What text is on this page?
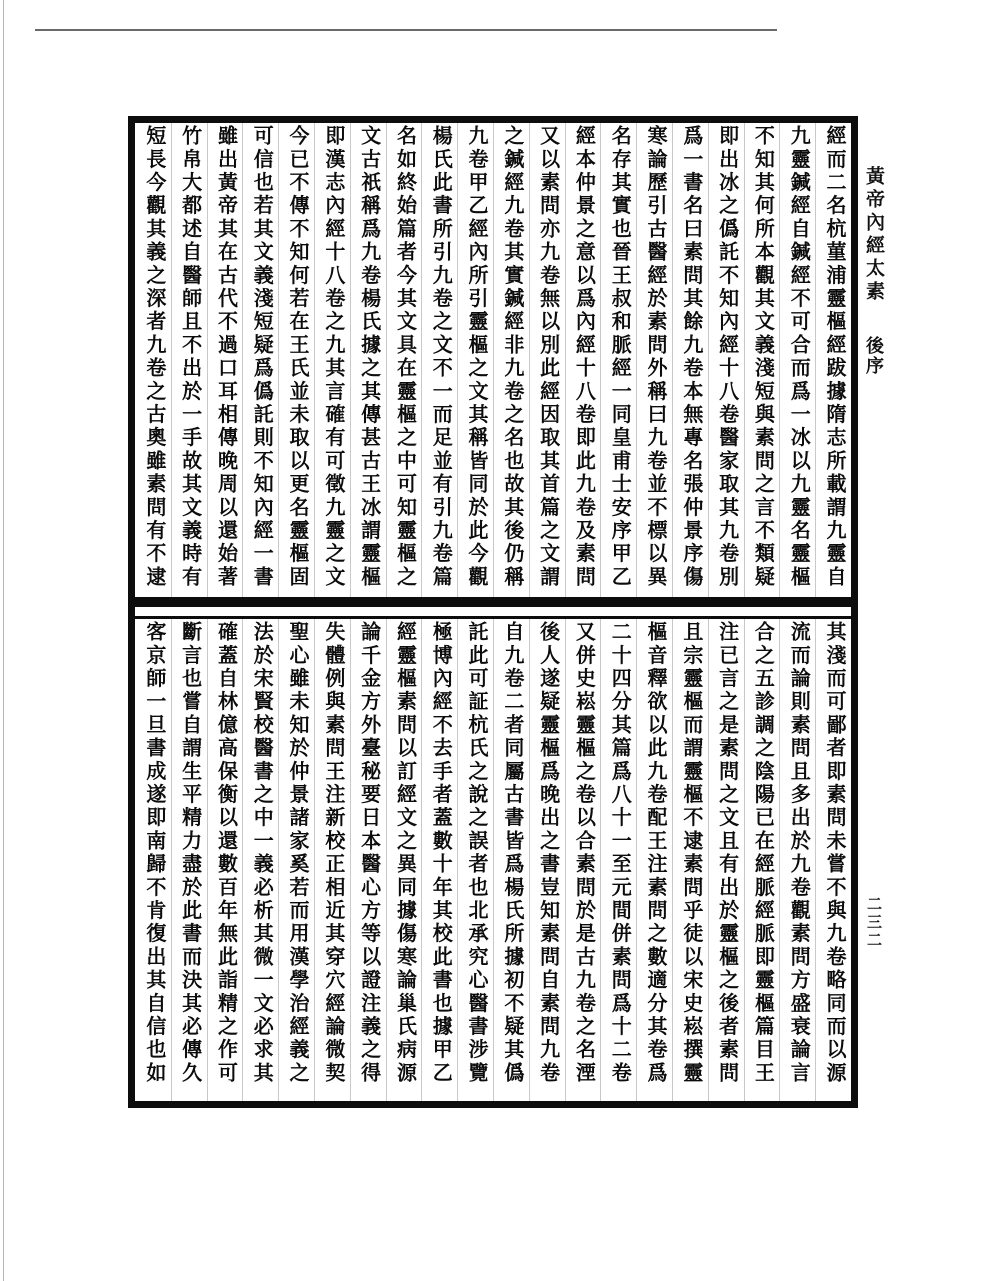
經而二名杭菫浦靈樞經跋據隋志所載謂九靈自
九靈鍼經自鍼經不可合而爲一冰以九靈名靈樞
不知其何所本觀其文義淺短與素問之言不類疑
即出冰之僞託不知內經十八卷醫家取其九卷別
爲一書名曰素問其餘九卷本無專名張仲景序傷
寒論歷引古醫經於素問外稱曰九卷並不標以異
名存其實也晉王叔和脈經一同皇甫士安序甲乙
經本仲景之意以爲內經十八卷即此九卷及素問
又以素問亦九卷無以別此經因取其首篇之文謂
之鍼經九卷其實鍼經非九卷之名也故其後仍稱
九卷甲乙經內所引靈樞之文其稱皆同於此今觀
楊氏此書所引九卷之文不一而足並有引九卷篇
名如終始篇者今其文具在靈樞之中可知靈樞之
文古祇稱爲九卷楊氏據之其傳甚古王冰謂靈樞
即漢志內經十八卷之九其言確有可徵九靈之文
今已不傳不知何若在王氏並未取以更名靈樞固
可信也若其文義淺短疑爲僞託則不知內經一書
雖出黃帝其在古代不過口耳相傳晚周以還始著
竹帛大都述自醫師且不出於一手故其文義時有
短長今觀其義之深者九卷之古奧雖素問有不逮
其淺而可鄙者即素問未嘗不與九卷略同而以源
流而論則素問且多出於九卷觀素問方盛衰論言
合之五診調之陰陽已在經脈經脈即靈樞篇目王
注已言之是素問之文且有出於靈樞之後者素問
且宗靈樞而謂靈樞不逮素問乎徒以宋史崧撰靈
樞音釋欲以此九卷配王注素問之數適分其卷爲
二十四分其篇爲八十一至元間併素問爲十二卷
又併史崧靈樞之卷以合素問於是古九卷之名湮
後人遂疑靈樞爲晚出之書豈知素問自素問九卷
自九卷二者同屬古書皆爲楊氏所據初不疑其僞
託此可証杭氏之說之誤者也北承究心醫書涉覽
極博內經不去手者蓋數十年其校此書也據甲乙
經靈樞素問以訂經文之異同據傷寒論巢氏病源
論千金方外臺秘要日本醫心方等以證注義之得
失體例與素問王注新校正相近其穿穴經論微契
聖心雖未知於仲景諸家奚若而用漢學治經義之
法於宋賢校醫書之中一義必析其微一文必求其
確蓋自林億高保衡以還數百年無此詣精之作可
斷言也嘗自謂生平精力盡於此書而決其必傳久
客京師一旦書成遂即南歸不肯復出其自信也如
黃帝內經太素
後序
二三二
